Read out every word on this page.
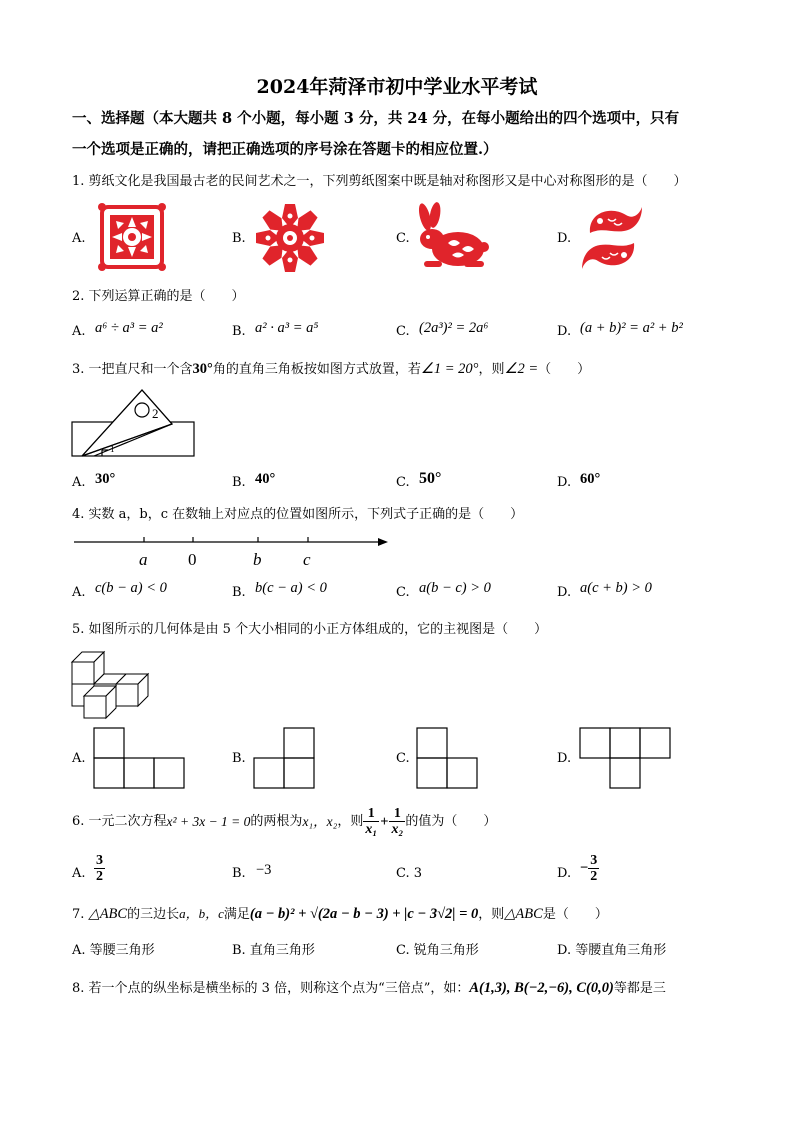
2024年菏泽市初中学业水平考试
一、选择题（本大题共 8 个小题，每小题 3 分，共 24 分，在每小题给出的四个选项中，只有
一个选项是正确的，请把正确选项的序号涂在答题卡的相应位置.）
1. 剪纸文化是我国最古老的民间艺术之一，下列剪纸图案中既是轴对称图形又是中心对称图形的是（　　）
A.	B.	C.	D.
2. 下列运算正确的是（　　）
A. a⁶ ÷ a³ = a²	B. a² · a³ = a⁵	C. (2a³)² = 2a⁶	D. (a + b)² = a² + b²
3. 一把直尺和一个含30°角的直角三角板按如图方式放置，若∠1 = 20°，则∠2 =（　　）
2
1
A. 30°	B. 40°	C. 50°	D. 60°
4. 实数 a，b，c 在数轴上对应点的位置如图所示，下列式子正确的是（　　）
a 0	b c
A. c(b − a) < 0	B. b(c − a) < 0	C. a(b − c) > 0	D. a(c + b) > 0
5. 如图所示的几何体是由 5 个大小相同的小正方体组成的，它的主视图是（　　）
A.	B.	C.	D.
6. 一元二次方程 x² + 3x − 1 = 0 的两根为 x₁，x₂ ，则 $\frac{1}{\text{x₁}} + \frac{1}{\text{x₂}}$ 的值为（　　）
A. $\frac{3}{2}$	B. −3	C. 3	D. − $\frac{3}{2}$
7. △ABC的三边长a，b，c满足(a − b)² + √(2a − b − 3) + |c − 3√2| = 0，则△ABC是（　　）
A. 等腰三角形	B. 直角三角形	C. 锐角三角形	D. 等腰直角三角形
8. 若一个点的纵坐标是横坐标的 3 倍，则称这个点为“三倍点”，如：A(1,3), B(−2,−6), C(0,0)等都是三
